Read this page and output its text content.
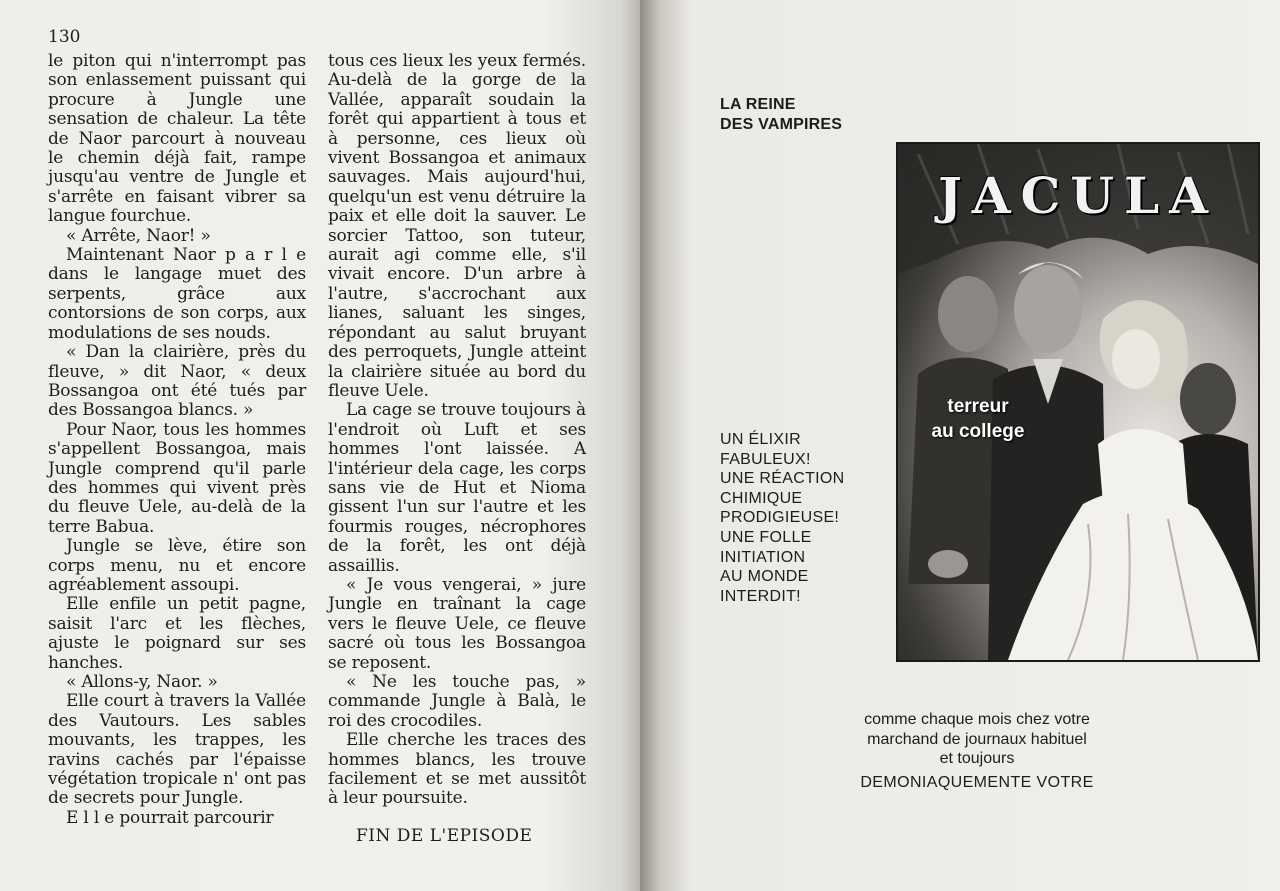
130

le piton qui n'interrompt pas son enlassement puissant qui procure à Jungle une sensation de chaleur. La tête de Naor parcourt à nouveau le chemin déjà fait, rampe jusqu'au ventre de Jungle et s'arrête en faisant vibrer sa langue fourchue.

« Arrête, Naor! »

Maintenant Naor p a r l e dans le langage muet des serpents, grâce aux contorsions de son corps, aux modulations de ses nouds.

« Dan la clairière, près du fleuve, » dit Naor, « deux Bossangoa ont été tués par des Bossangoa blancs. »

Pour Naor, tous les hommes s'appellent Bossangoa, mais Jungle comprend qu'il parle des hommes qui vivent près du fleuve Uele, au-delà de la terre Babua.

Jungle se lève, étire son corps menu, nu et encore agréablement assoupi.

Elle enfile un petit pagne, saisit l'arc et les flèches, ajuste le poignard sur ses hanches.

« Allons-y, Naor. »

Elle court à travers la Vallée des Vautours. Les sables mouvants, les trappes, les ravins cachés par l'épaisse végétation tropicale n' ont pas de secrets pour Jungle.

E l l e pourrait parcourir

tous ces lieux les yeux fermés. Au-delà de la gorge de la Vallée, apparaît soudain la forêt qui appartient à tous et à personne, ces lieux où vivent Bossangoa et animaux sauvages. Mais aujourd'hui, quelqu'un est venu détruire la paix et elle doit la sauver. Le sorcier Tattoo, son tuteur, aurait agi comme elle, s'il vivait encore. D'un arbre à l'autre, s'accrochant aux lianes, saluant les singes, répondant au salut bruyant des perroquets, Jungle atteint la clairière située au bord du fleuve Uele.

La cage se trouve toujours à l'endroit où Luft et ses hommes l'ont laissée. A l'intérieur dela cage, les corps sans vie de Hut et Nioma gissent l'un sur l'autre et les fourmis rouges, nécrophores de la forêt, les ont déjà assaillis.

« Je vous vengerai, » jure Jungle en traînant la cage vers le fleuve Uele, ce fleuve sacré où tous les Bossangoa se reposent.

« Ne les touche pas, » commande Jungle à Balà, le roi des crocodiles.

Elle cherche les traces des hommes blancs, les trouve facilement et se met aussitôt à leur poursuite.

FIN DE L'EPISODE
LA REINE
DES VAMPIRES
UN ÉLIXIR
FABULEUX!
UNE RÉACTION
CHIMIQUE
PRODIGIEUSE!
UNE FOLLE
INITIATION
AU MONDE
INTERDIT!
JACULA
terreur
au college
comme chaque mois chez votre
marchand de journaux habituel
et toujours
DEMONIAQUEMENTE VOTRE
